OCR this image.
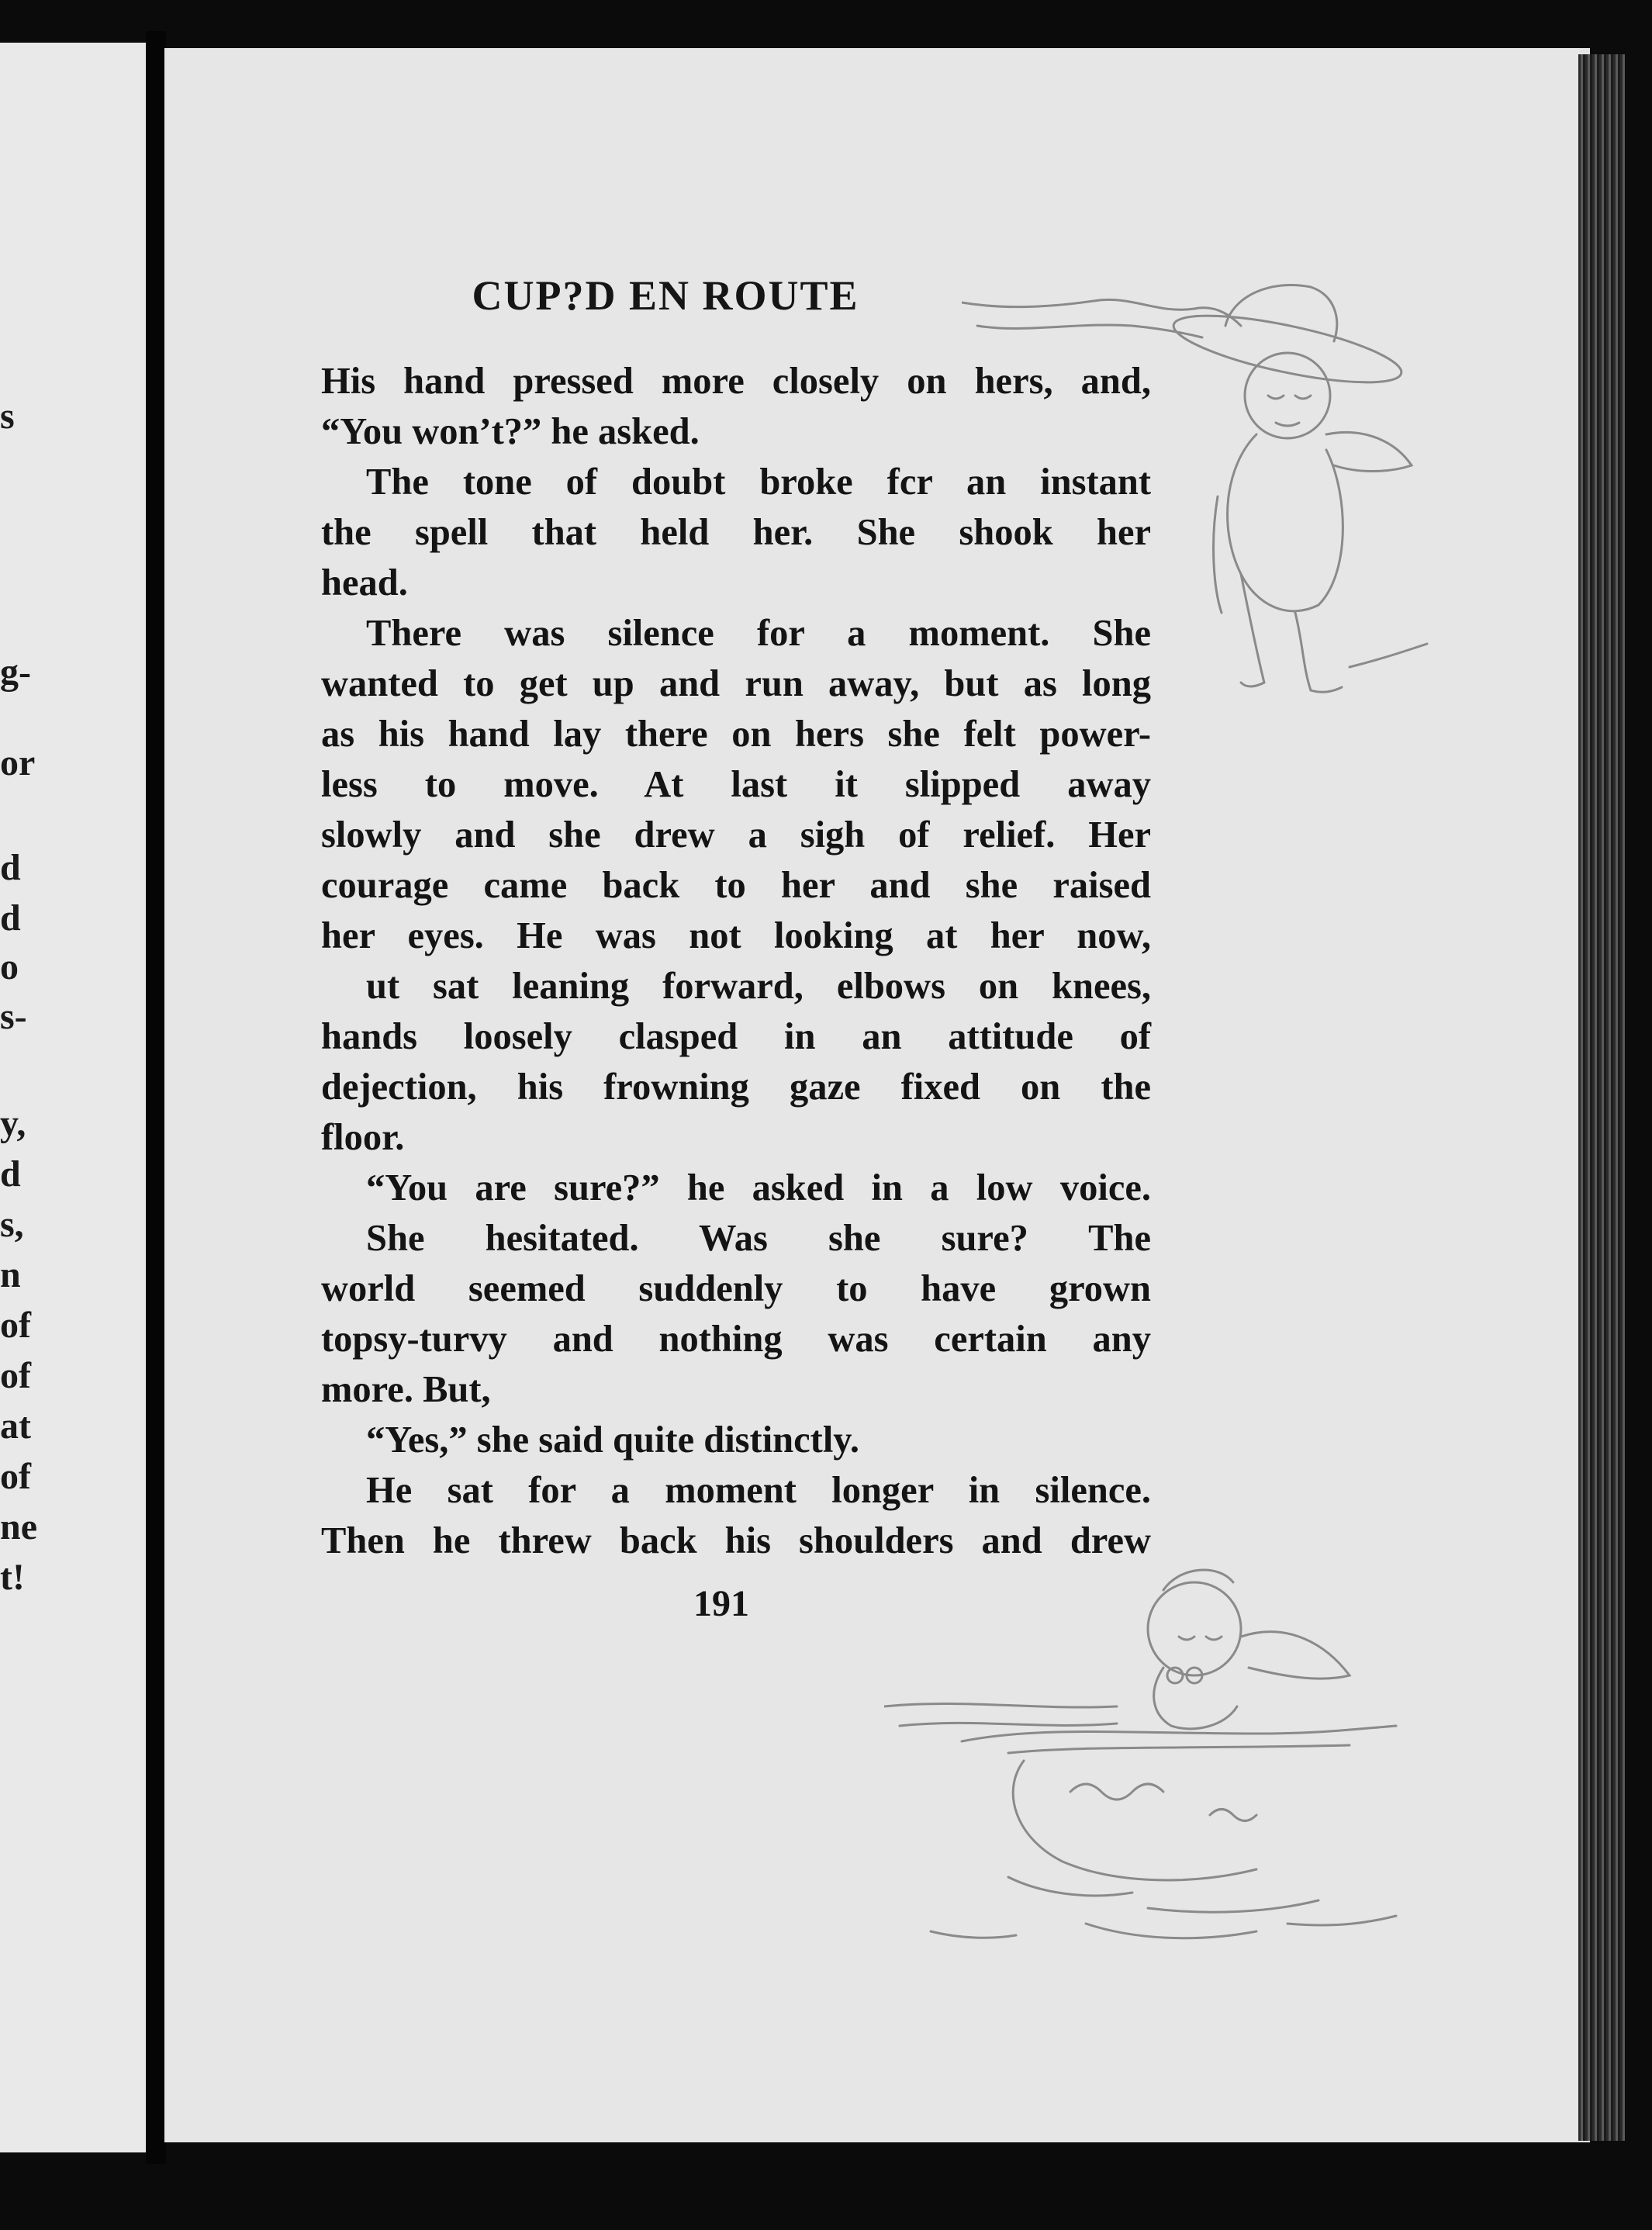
s
g-
or
d
d
o
s-
y,
d
s,
n
of
of
at
of
ne
t!
CUP?D EN ROUTE
His hand pressed more closely on hers, and,
“You won’t?” he asked.
The tone of doubt broke fcr an instant
the spell that held her. She shook her
head.
There was silence for a moment. She
wanted to get up and run away, but as long
as his hand lay there on hers she felt power-
less to move. At last it slipped away
slowly and she drew a sigh of relief. Her
courage came back to her and she raised
her eyes. He was not looking at her now,
ut sat leaning forward, elbows on knees,
hands loosely clasped in an attitude of
dejection, his frowning gaze fixed on the
floor.
“You are sure?” he asked in a low voice.
She hesitated. Was she sure? The
world seemed suddenly to have grown
topsy-turvy and nothing was certain any
more. But,
“Yes,” she said quite distinctly.
He sat for a moment longer in silence.
Then he threw back his shoulders and drew
191
